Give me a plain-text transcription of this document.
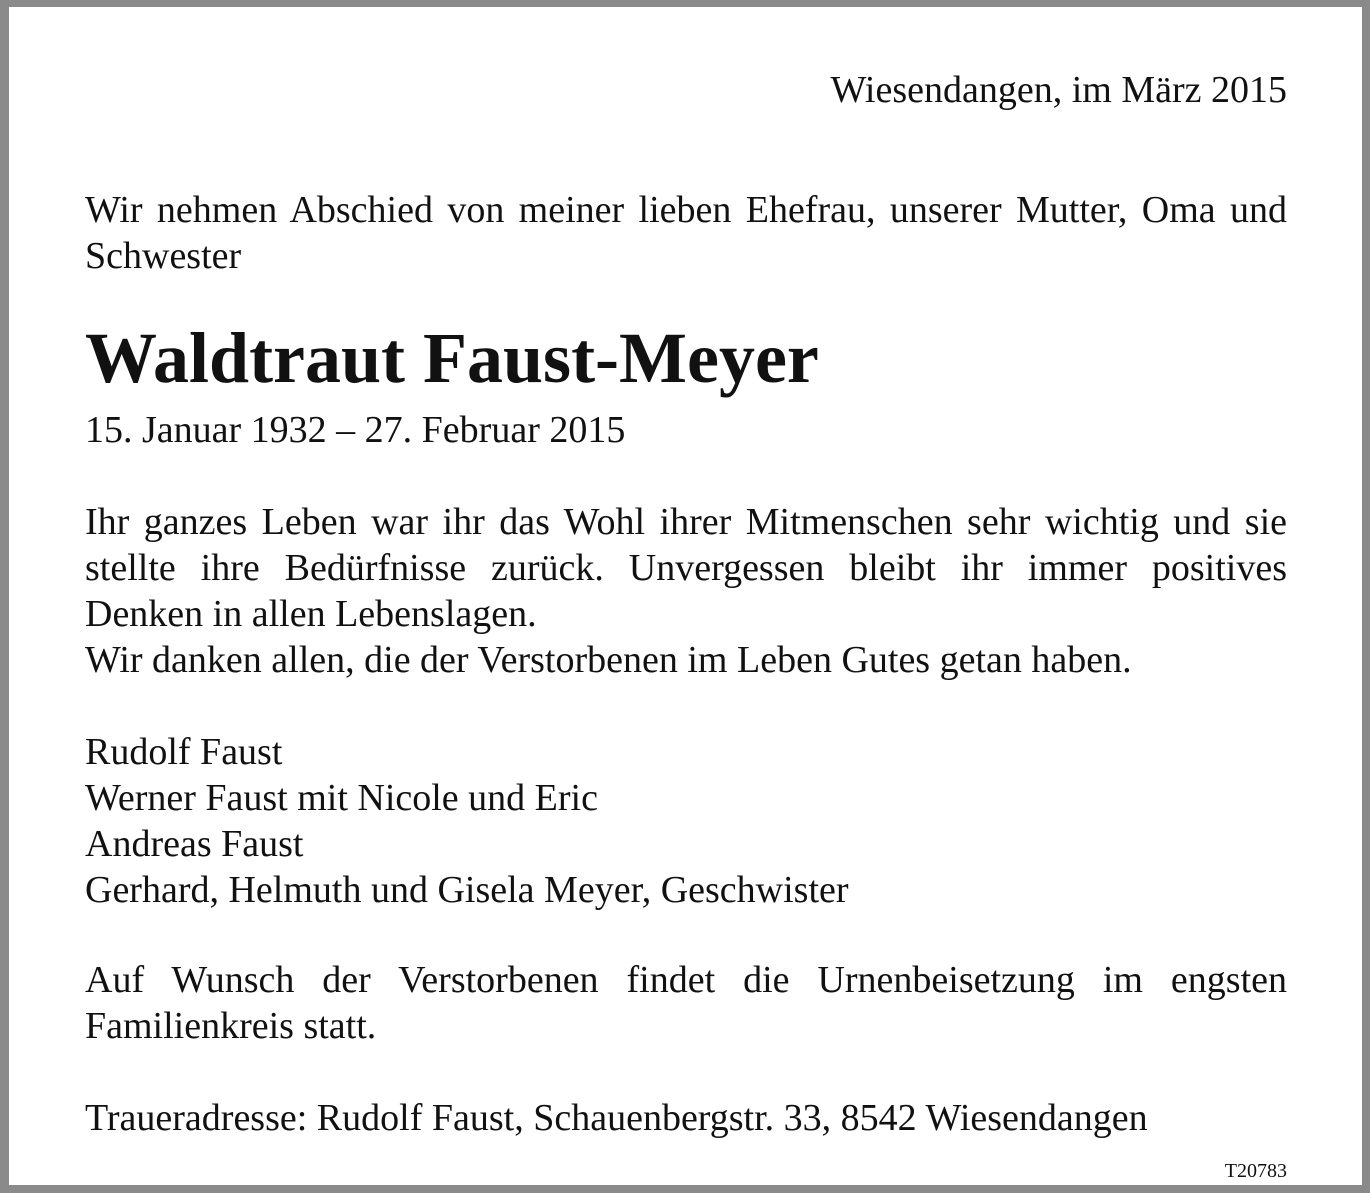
Wiesendangen, im März 2015
Wir nehmen Abschied von meiner lieben Ehefrau, unserer Mutter, Oma und Schwester
Waldtraut Faust-Meyer
15. Januar 1932 – 27. Februar 2015
Ihr ganzes Leben war ihr das Wohl ihrer Mitmenschen sehr wichtig und sie stellte ihre Bedürfnisse zurück. Unvergessen bleibt ihr immer positives Denken in allen Lebenslagen.
Wir danken allen, die der Verstorbenen im Leben Gutes getan haben.
Rudolf Faust
Werner Faust mit Nicole und Eric
Andreas Faust
Gerhard, Helmuth und Gisela Meyer, Geschwister
Auf Wunsch der Verstorbenen findet die Urnenbeisetzung im engsten Familienkreis statt.
Traueradresse: Rudolf Faust, Schauenbergstr. 33, 8542 Wiesendangen
T20783
